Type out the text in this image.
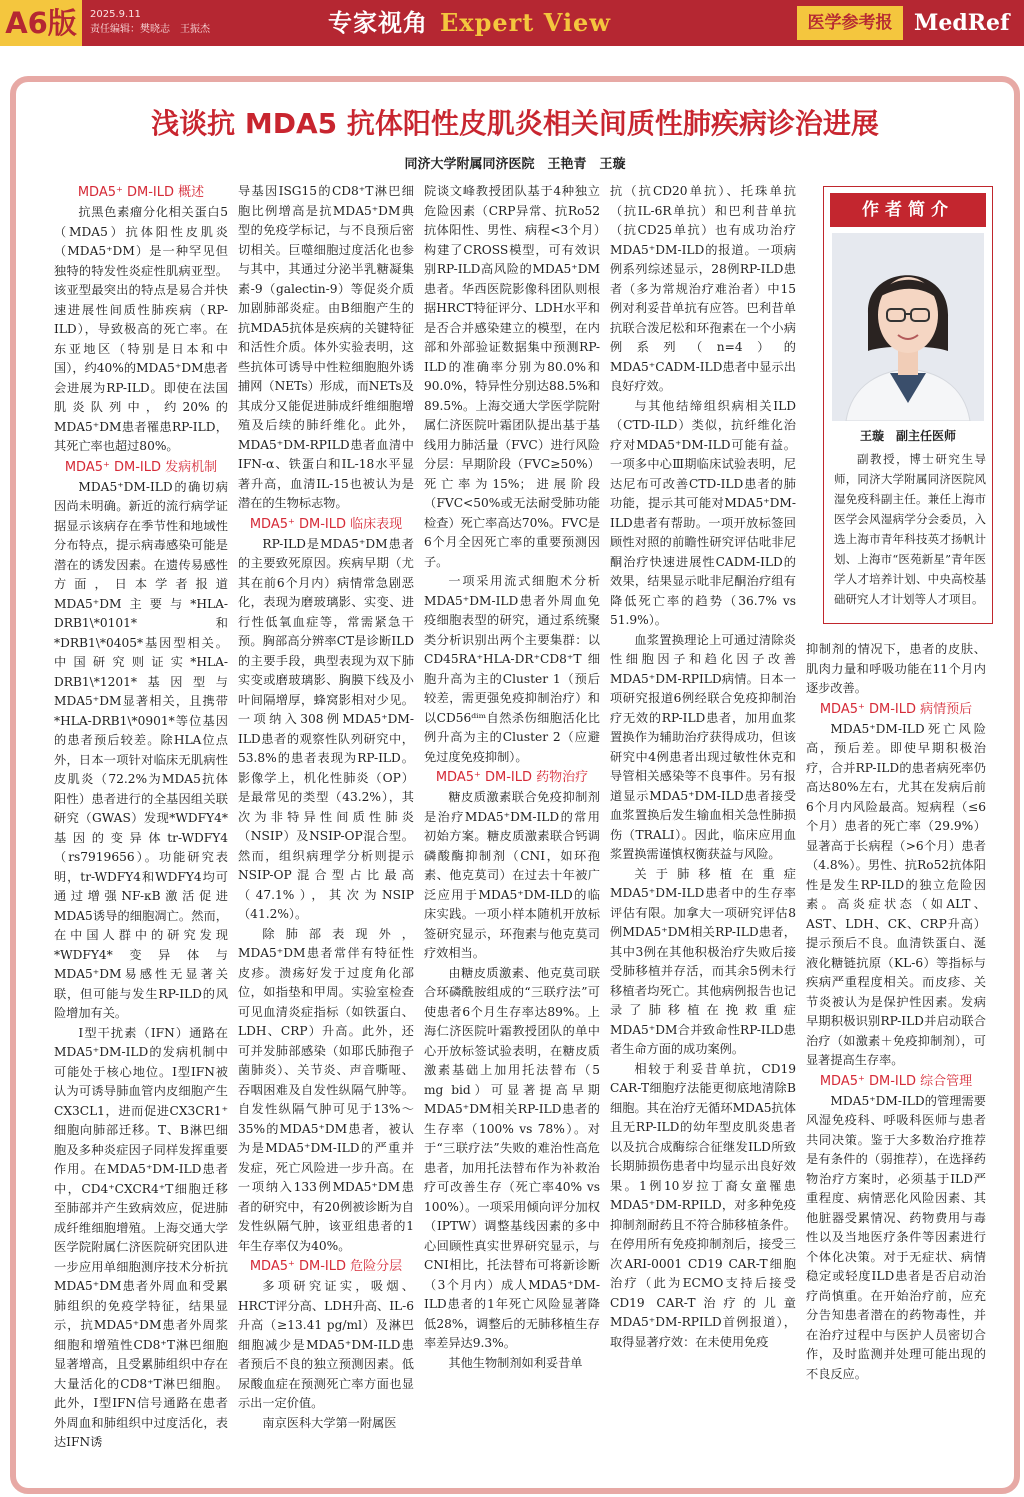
A6版	2025.9.11
责任编辑：樊晓志　王振杰	专家视角 Expert View	医学参考报 MedRef
浅谈抗 MDA5 抗体阳性皮肌炎相关间质性肺疾病诊治进展
同济大学附属同济医院　王艳青　王璇
MDA5⁺ DM-ILD 概述

抗黑色素瘤分化相关蛋白5（MDA5）抗体阳性皮肌炎（MDA5⁺DM）是一种罕见但独特的特发性炎症性肌病亚型。该亚型最突出的特点是易合并快速进展性间质性肺疾病（RP-ILD），导致极高的死亡率。在东亚地区（特别是日本和中国），约40%的MDA5⁺DM患者会进展为RP-ILD。即使在法国肌炎队列中，约20%的MDA5⁺DM患者罹患RP-ILD，其死亡率也超过80%。

MDA5⁺ DM-ILD 发病机制

MDA5⁺DM-ILD的确切病因尚未明确。新近的流行病学证据显示该病存在季节性和地域性分布特点，提示病毒感染可能是潜在的诱发因素。在遗传易感性方面，日本学者报道MDA5⁺DM主要与*HLA-DRB1\*0101*和*DRB1\*0405*基因型相关。中国研究则证实*HLA-DRB1\*1201*基因型与MDA5⁺DM显著相关，且携带*HLA-DRB1\*0901*等位基因的患者预后较差。除HLA位点外，日本一项针对临床无肌病性皮肌炎（72.2%为MDA5抗体阳性）患者进行的全基因组关联研究（GWAS）发现*WDFY4*基因的变异体tr-WDFY4（rs7919656）。功能研究表明，tr-WDFY4和WDFY4均可通过增强NF-κB激活促进MDA5诱导的细胞凋亡。然而，在中国人群中的研究发现*WDFY4*变异体与MDA5⁺DM易感性无显著关联，但可能与发生RP-ILD的风险增加有关。

Ⅰ型干扰素（IFN）通路在MDA5⁺DM-ILD的发病机制中可能处于核心地位。Ⅰ型IFN被认为可诱导肺血管内皮细胞产生CX3CL1，进而促进CX3CR1⁺细胞向肺部迁移。T、B淋巴细胞及多种炎症因子同样发挥重要作用。在MDA5⁺DM-ILD患者中，CD4⁺CXCR4⁺T细胞迁移至肺部并产生致病效应，促进肺成纤维细胞增殖。上海交通大学医学院附属仁济医院研究团队进一步应用单细胞测序技术分析抗MDA5⁺DM患者外周血和受累肺组织的免疫学特征，结果显示，抗MDA5⁺DM患者外周浆细胞和增殖性CD8⁺T淋巴细胞显著增高，且受累肺组织中存在大量活化的CD8⁺T淋巴细胞。此外，Ⅰ型IFN信号通路在患者外周血和肺组织中过度活化，表达IFN诱

导基因ISG15的CD8⁺T淋巴细胞比例增高是抗MDA5⁺DM典型的免疫学标记，与不良预后密切相关。巨噬细胞过度活化也参与其中，其通过分泌半乳糖凝集素-9（galectin-9）等促炎介质加剧肺部炎症。由B细胞产生的抗MDA5抗体是疾病的关键特征和活性介质。体外实验表明，这些抗体可诱导中性粒细胞胞外诱捕网（NETs）形成，而NETs及其成分又能促进肺成纤维细胞增殖及后续的肺纤维化。此外，MDA5⁺DM-RPILD患者血清中IFN-α、铁蛋白和IL-18水平显著升高，血清IL-15也被认为是潜在的生物标志物。

MDA5⁺ DM-ILD 临床表现

RP-ILD是MDA5⁺DM患者的主要致死原因。疾病早期（尤其在前6个月内）病情常急剧恶化，表现为磨玻璃影、实变、进行性低氧血症等，常需紧急干预。胸部高分辨率CT是诊断ILD的主要手段，典型表现为双下肺实变或磨玻璃影、胸膜下线及小叶间隔增厚，蜂窝影相对少见。一项纳入308例MDA5⁺DM-ILD患者的观察性队列研究中，53.8%的患者表现为RP-ILD。影像学上，机化性肺炎（OP）是最常见的类型（43.2%），其次为非特异性间质性肺炎（NSIP）及NSIP-OP混合型。然而，组织病理学分析则提示NSIP-OP混合型占比最高（47.1%），其次为NSIP（41.2%）。

除肺部表现外，MDA5⁺DM患者常伴有特征性皮疹。溃疡好发于过度角化部位，如指垫和甲周。实验室检查可见血清炎症指标（如铁蛋白、LDH、CRP）升高。此外，还可并发肺部感染（如耶氏肺孢子菌肺炎）、关节炎、声音嘶哑、吞咽困难及自发性纵隔气肿等。自发性纵隔气肿可见于13%～35%的MDA5⁺DM患者，被认为是MDA5⁺DM-ILD的严重并发症，死亡风险进一步升高。在一项纳入133例MDA5⁺DM患者的研究中，有20例被诊断为自发性纵隔气肿，该亚组患者的1年生存率仅为40%。

MDA5⁺ DM-ILD 危险分层

多项研究证实，吸烟、HRCT评分高、LDH升高、IL-6升高（≥13.41 pg/ml）及淋巴细胞减少是MDA5⁺DM-ILD患者预后不良的独立预测因素。低尿酸血症在预测死亡率方面也显示出一定价值。

南京医科大学第一附属医

院谈文峰教授团队基于4种独立危险因素（CRP异常、抗Ro52抗体阳性、男性、病程<3个月）构建了CROSS模型，可有效识别RP-ILD高风险的MDA5⁺DM患者。华西医院影像科团队则根据HRCT特征评分、LDH水平和是否合并感染建立的模型，在内部和外部验证数据集中预测RP-ILD的准确率分别为80.0%和90.0%，特异性分别达88.5%和89.5%。上海交通大学医学院附属仁济医院叶霜团队提出基于基线用力肺活量（FVC）进行风险分层：早期阶段（FVC≥50%）死亡率为15%；进展阶段（FVC<50%或无法耐受肺功能检查）死亡率高达70%。FVC是6个月全因死亡率的重要预测因子。

一项采用流式细胞术分析MDA5⁺DM-ILD患者外周血免疫细胞表型的研究，通过系统聚类分析识别出两个主要集群：以CD45RA⁺HLA-DR⁺CD8⁺T细胞升高为主的Cluster 1（预后较差，需更强免疫抑制治疗）和以CD56ᵈⁱᵐ自然杀伤细胞活化比例升高为主的Cluster 2（应避免过度免疫抑制）。

MDA5⁺ DM-ILD 药物治疗

糖皮质激素联合免疫抑制剂是治疗MDA5⁺DM-ILD的常用初始方案。糖皮质激素联合钙调磷酸酶抑制剂（CNI，如环孢素、他克莫司）在过去十年被广泛应用于MDA5⁺DM-ILD的临床实践。一项小样本随机开放标签研究显示，环孢素与他克莫司疗效相当。

由糖皮质激素、他克莫司联合环磷酰胺组成的“三联疗法”可使患者6个月生存率达89%。上海仁济医院叶霜教授团队的单中心开放标签试验表明，在糖皮质激素基础上加用托法替布（5 mg bid）可显著提高早期MDA5⁺DM相关RP-ILD患者的生存率（100% vs 78%）。对于“三联疗法”失败的难治性高危患者，加用托法替布作为补救治疗可改善生存（死亡率40% vs 100%）。一项采用倾向评分加权（IPTW）调整基线因素的多中心回顾性真实世界研究显示，与CNI相比，托法替布可将新诊断（3个月内）成人MDA5⁺DM-ILD患者的1年死亡风险显著降低28%，调整后的无肺移植生存率差异达9.3%。

其他生物制剂如利妥昔单

抗（抗CD20单抗）、托珠单抗（抗IL-6R单抗）和巴利昔单抗（抗CD25单抗）也有成功治疗MDA5⁺DM-ILD的报道。一项病例系列综述显示，28例RP-ILD患者（多为常规治疗难治者）中15例对利妥昔单抗有应答。巴利昔单抗联合泼尼松和环孢素在一个小病例系列（n=4）的MDA5⁺CADM-ILD患者中显示出良好疗效。

与其他结缔组织病相关ILD（CTD-ILD）类似，抗纤维化治疗对MDA5⁺DM-ILD可能有益。一项多中心Ⅲ期临床试验表明，尼达尼布可改善CTD-ILD患者的肺功能，提示其可能对MDA5⁺DM-ILD患者有帮助。一项开放标签回顾性对照的前瞻性研究评估吡非尼酮治疗快速进展性CADM-ILD的效果，结果显示吡非尼酮治疗组有降低死亡率的趋势（36.7% vs 51.9%）。

血浆置换理论上可通过清除炎性细胞因子和趋化因子改善MDA5⁺DM-RPILD病情。日本一项研究报道6例经联合免疫抑制治疗无效的RP-ILD患者，加用血浆置换作为辅助治疗获得成功，但该研究中4例患者出现过敏性休克和导管相关感染等不良事件。另有报道显示MDA5⁺DM-ILD患者接受血浆置换后发生输血相关急性肺损伤（TRALI）。因此，临床应用血浆置换需谨慎权衡获益与风险。

关于肺移植在重症MDA5⁺DM-ILD患者中的生存率评估有限。加拿大一项研究评估8例MDA5⁺DM相关RP-ILD患者，其中3例在其他积极治疗失败后接受肺移植并存活，而其余5例未行移植者均死亡。其他病例报告也记录了肺移植在挽救重症MDA5⁺DM合并致命性RP-ILD患者生命方面的成功案例。

相较于利妥昔单抗，CD19 CAR-T细胞疗法能更彻底地清除B细胞。其在治疗无循环MDA5抗体且无RP-ILD的幼年型皮肌炎患者以及抗合成酶综合征继发ILD所致长期肺损伤患者中均显示出良好效果。1例10岁拉丁裔女童罹患MDA5⁺DM-RPILD，对多种免疫抑制剂耐药且不符合肺移植条件。在停用所有免疫抑制剂后，接受三次ARI-0001 CD19 CAR-T细胞治疗（此为ECMO支持后接受CD19 CAR-T治疗的儿童MDA5⁺DM-RPILD首例报道），取得显著疗效：在未使用免疫

作者简介
王璇　副主任医师

副教授，博士研究生导师，同济大学附属同济医院风湿免疫科副主任。兼任上海市医学会风湿病学分会委员，入选上海市青年科技英才扬帆计划、上海市“医苑新星”青年医学人才培养计划、中央高校基础研究人才计划等人才项目。

抑制剂的情况下，患者的皮肤、肌肉力量和呼吸功能在11个月内逐步改善。

MDA5⁺ DM-ILD 病情预后

MDA5⁺DM-ILD死亡风险高，预后差。即使早期积极治疗，合并RP-ILD的患者病死率仍高达80%左右，尤其在发病后前6个月内风险最高。短病程（≤6个月）患者的死亡率（29.9%）显著高于长病程（>6个月）患者（4.8%）。男性、抗Ro52抗体阳性是发生RP-ILD的独立危险因素。高炎症状态（如ALT、AST、LDH、CK、CRP升高）提示预后不良。血清铁蛋白、涎液化糖链抗原（KL-6）等指标与疾病严重程度相关。而皮疹、关节炎被认为是保护性因素。发病早期积极识别RP-ILD并启动联合治疗（如激素＋免疫抑制剂），可显著提高生存率。

MDA5⁺ DM-ILD 综合管理

MDA5⁺DM-ILD的管理需要风湿免疫科、呼吸科医师与患者共同决策。鉴于大多数治疗推荐是有条件的（弱推荐），在选择药物治疗方案时，必须基于ILD严重程度、病情恶化风险因素、其他脏器受累情况、药物费用与毒性以及当地医疗条件等因素进行个体化决策。对于无症状、病情稳定或轻度ILD患者是否启动治疗尚慎重。在开始治疗前，应充分告知患者潜在的药物毒性，并在治疗过程中与医护人员密切合作，及时监测并处理可能出现的不良反应。
